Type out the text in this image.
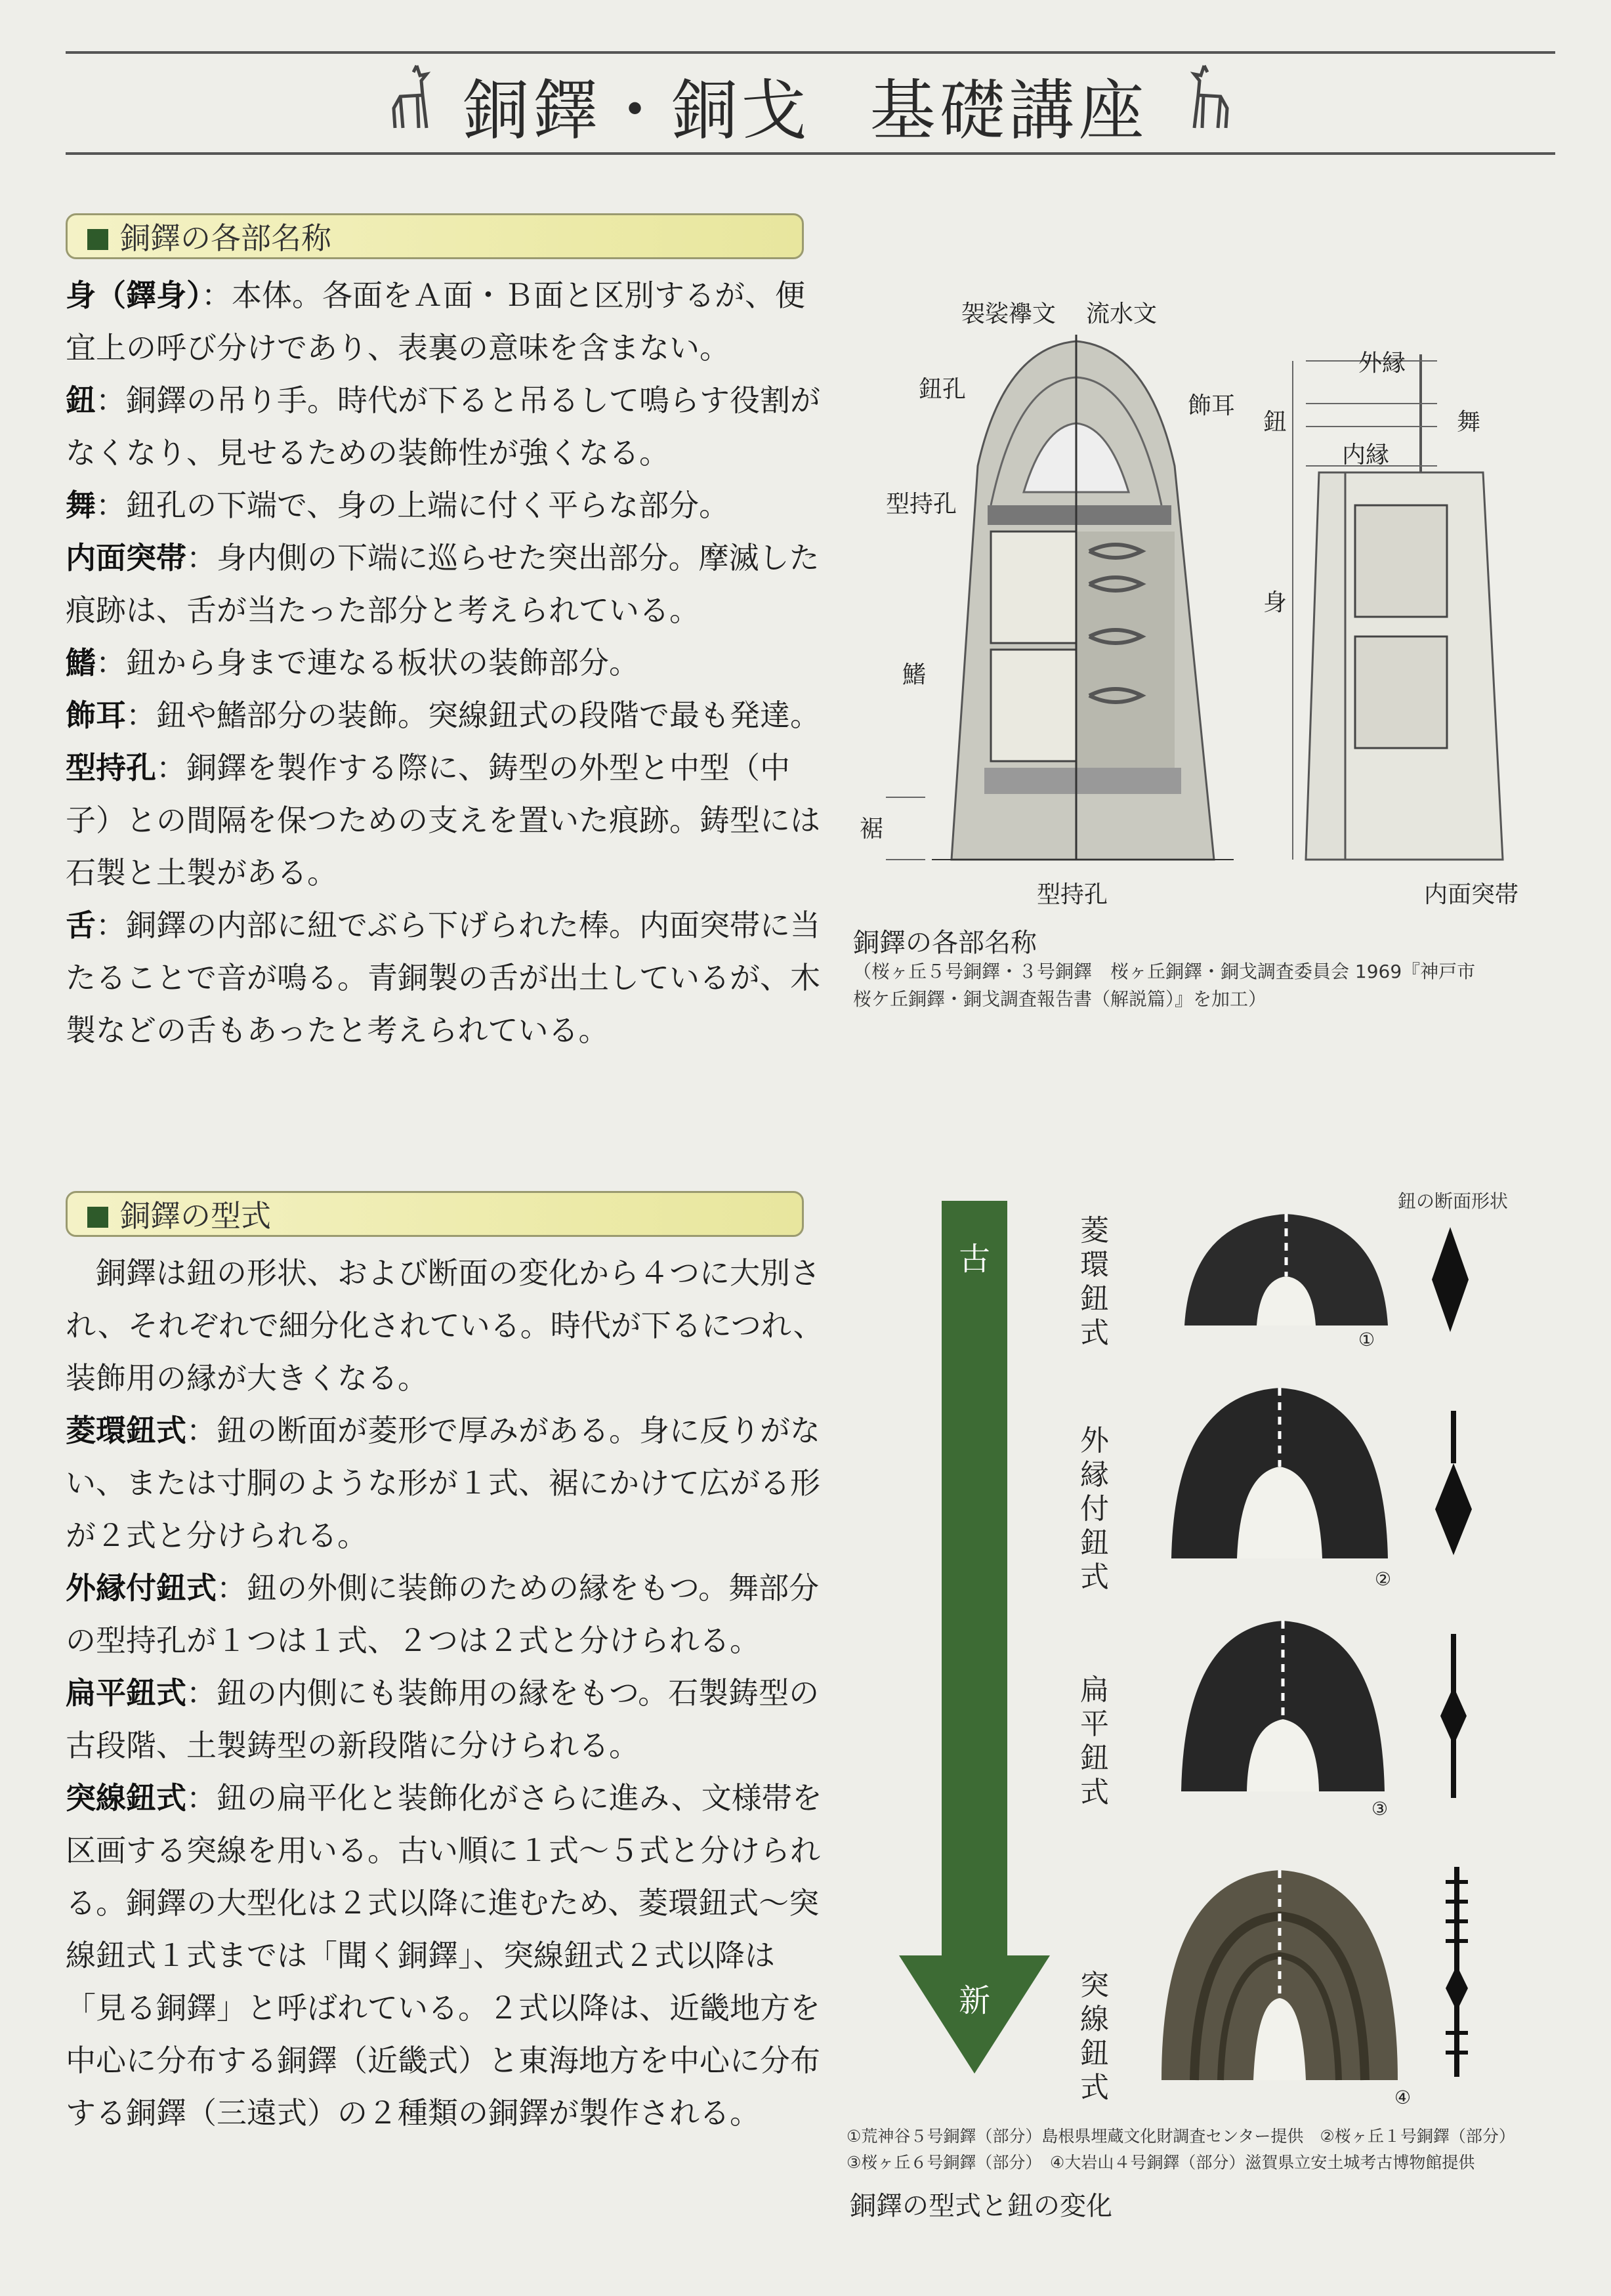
銅鐸・銅戈 基礎講座
銅鐸の各部名称

身（鐸身）：本体。各面をＡ面・Ｂ面と区別するが、便宜上の呼び分けであり、表裏の意味を含まない。

鈕：銅鐸の吊り手。時代が下ると吊るして鳴らす役割がなくなり、見せるための装飾性が強くなる。

舞：鈕孔の下端で、身の上端に付く平らな部分。

内面突帯：身内側の下端に巡らせた突出部分。摩滅した痕跡は、舌が当たった部分と考えられている。

鰭：鈕から身まで連なる板状の装飾部分。

飾耳：鈕や鰭部分の装飾。突線鈕式の段階で最も発達。

型持孔：銅鐸を製作する際に、鋳型の外型と中型（中子）との間隔を保つための支えを置いた痕跡。鋳型には石製と土製がある。

舌：銅鐸の内部に紐でぶら下げられた棒。内面突帯に当たることで音が鳴る。青銅製の舌が出土しているが、木製などの舌もあったと考えられている。

袈裟襷文 流水文
鈕孔
飾耳
型持孔
鰭
裾
型持孔
外縁
鈕	舞
内縁
身
内面突帯
銅鐸の各部名称
（桜ヶ丘５号銅鐸・３号銅鐸　桜ヶ丘銅鐸・銅戈調査委員会 1969『神戸市
桜ケ丘銅鐸・銅戈調査報告書（解説篇）』を加工）
銅鐸の型式

銅鐸は鈕の形状、および断面の変化から４つに大別され、それぞれで細分化されている。時代が下るにつれ、装飾用の縁が大きくなる。

菱環鈕式：鈕の断面が菱形で厚みがある。身に反りがない、または寸胴のような形が１式、裾にかけて広がる形が２式と分けられる。

外縁付鈕式：鈕の外側に装飾のための縁をもつ。舞部分の型持孔が１つは１式、２つは２式と分けられる。

扁平鈕式：鈕の内側にも装飾用の縁をもつ。石製鋳型の古段階、土製鋳型の新段階に分けられる。

突線鈕式：鈕の扁平化と装飾化がさらに進み、文様帯を区画する突線を用いる。古い順に１式～５式と分けられる。銅鐸の大型化は２式以降に進むため、菱環鈕式～突線鈕式１式までは「聞く銅鐸」、突線鈕式２式以降は「見る銅鐸」と呼ばれている。２式以降は、近畿地方を中心に分布する銅鐸（近畿式）と東海地方を中心に分布する銅鐸（三遠式）の２種類の銅鐸が製作される。

古
新
鈕の断面形状
菱環鈕式
外縁付鈕式
扁平鈕式
突線鈕式
①
②
③
④
①荒神谷５号銅鐸（部分）島根県埋蔵文化財調査センター提供　②桜ヶ丘１号銅鐸（部分）
③桜ヶ丘６号銅鐸（部分）　④大岩山４号銅鐸（部分）滋賀県立安土城考古博物館提供
銅鐸の型式と鈕の変化
